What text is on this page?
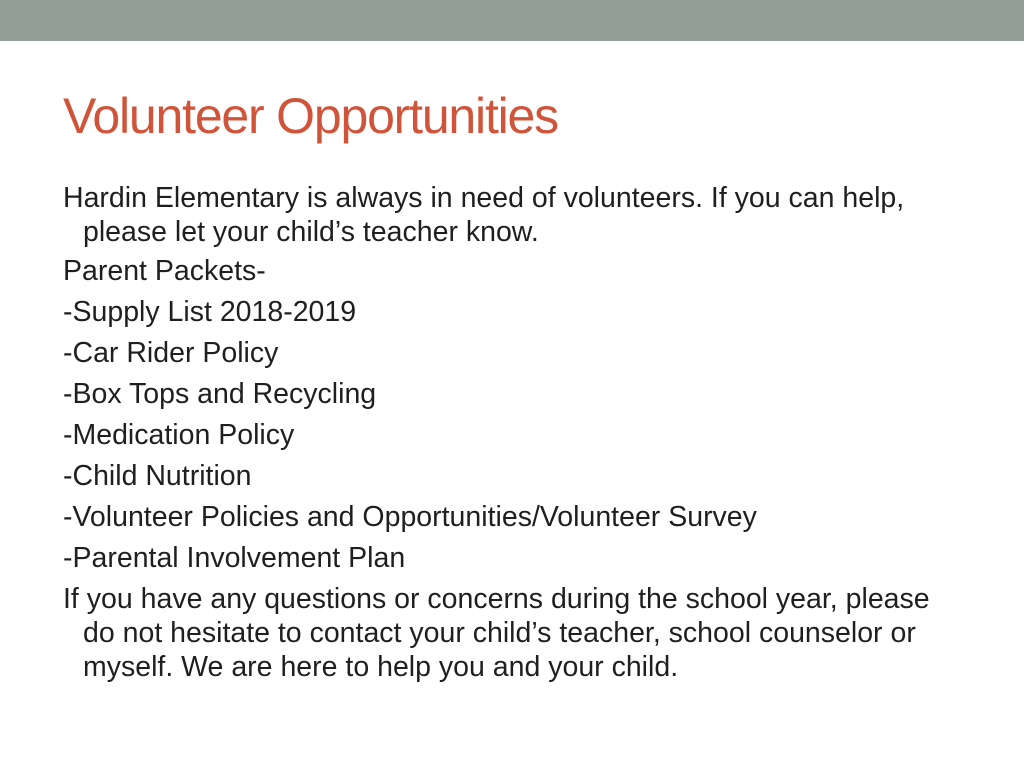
Volunteer Opportunities
Hardin Elementary is always in need of volunteers. If you can help, please let your child’s teacher know.
Parent Packets-
-Supply List 2018-2019
-Car Rider Policy
-Box Tops and Recycling
-Medication Policy
-Child Nutrition
-Volunteer Policies and Opportunities/Volunteer Survey
-Parental Involvement Plan
If you have any questions or concerns during the school year, please do not hesitate to contact your child’s teacher, school counselor or myself. We are here to help you and your child.
